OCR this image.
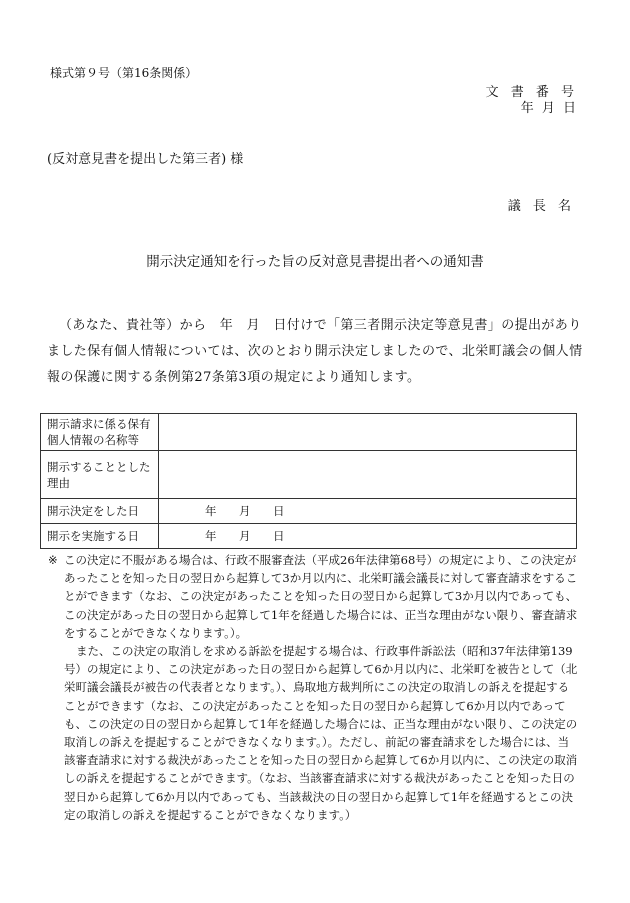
様式第９号（第16条関係）
文 書 番 号
年 月 日
(反対意見書を提出した第三者) 様
議 長 名
開示決定通知を行った旨の反対意見書提出者への通知書
（あなた、貴社等）から　年　月　日付けで「第三者開示決定等意見書」の提出がありました保有個人情報については、次のとおり開示決定しましたので、北栄町議会の個人情報の保護に関する条例第27条第3項の規定により通知します。
開示請求に係る保有個人情報の名称等	
開示することとした理由	
開示決定をした日	年 月 日
開示を実施する日	年 月 日

※ この決定に不服がある場合は、行政不服審査法（平成26年法律第68号）の規定により、この決定があったことを知った日の翌日から起算して3か月以内に、北栄町議会議長に対して審査請求をすることができます（なお、この決定があったことを知った日の翌日から起算して3か月以内であっても、この決定があった日の翌日から起算して1年を経過した場合には、正当な理由がない限り、審査請求をすることができなくなります。）。

また、この決定の取消しを求める訴訟を提起する場合は、行政事件訴訟法（昭和37年法律第139号）の規定により、この決定があった日の翌日から起算して6か月以内に、北栄町を被告として（北栄町議会議長が被告の代表者となります。）、鳥取地方裁判所にこの決定の取消しの訴えを提起することができます（なお、この決定があったことを知った日の翌日から起算して6か月以内であっても、この決定の日の翌日から起算して1年を経過した場合には、正当な理由がない限り、この決定の取消しの訴えを提起することができなくなります。）。ただし、前記の審査請求をした場合には、当該審査請求に対する裁決があったことを知った日の翌日から起算して6か月以内に、この決定の取消しの訴えを提起することができます。（なお、当該審査請求に対する裁決があったことを知った日の翌日から起算して6か月以内であっても、当該裁決の日の翌日から起算して1年を経過するとこの決定の取消しの訴えを提起することができなくなります。）
